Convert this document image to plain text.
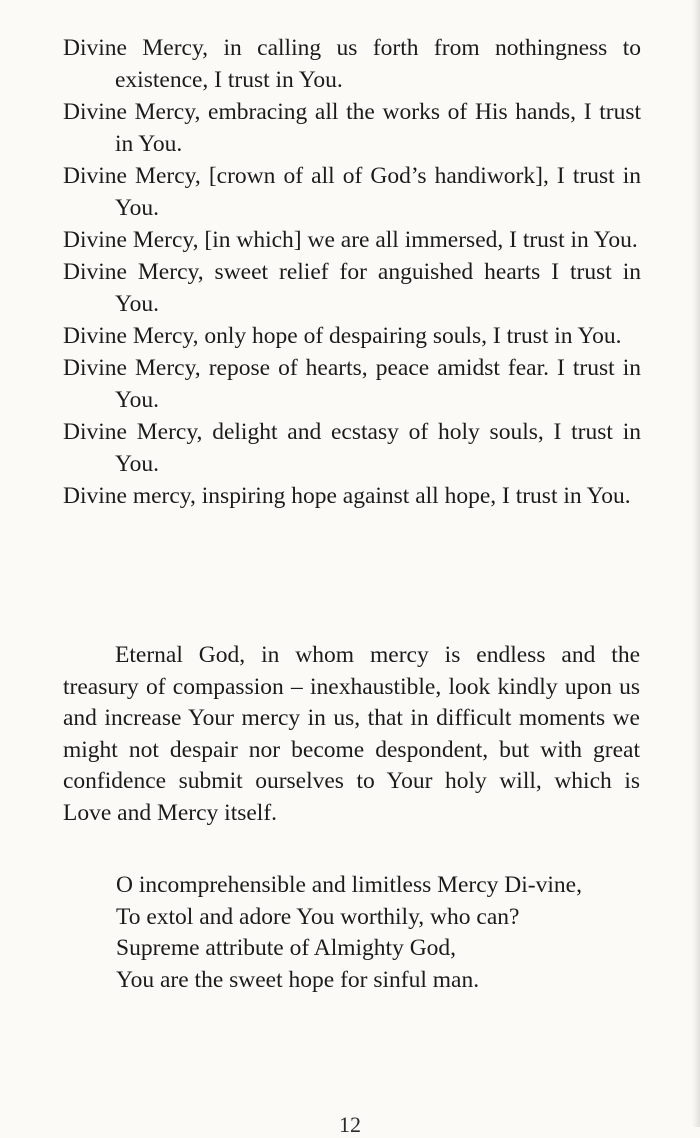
Divine Mercy, in calling us forth from nothingness to existence, I trust in You.

Divine Mercy, embracing all the works of His hands, I trust in You.

Divine Mercy, [crown of all of God’s handiwork], I trust in You.

Divine Mercy, [in which] we are all immersed, I trust in You.

Divine Mercy, sweet relief for anguished hearts I trust in You.

Divine Mercy, only hope of despairing souls, I trust in You.

Divine Mercy, repose of hearts, peace amidst fear. I trust in You.

Divine Mercy, delight and ecstasy of holy souls, I trust in You.

Divine mercy, inspiring hope against all hope, I trust in You.

Eternal God, in whom mercy is endless and the treasury of compassion – inexhaustible, look kindly upon us and increase Your mercy in us, that in difficult moments we might not despair nor become despondent, but with great confidence submit ourselves to Your holy will, which is Love and Mercy itself.

O incomprehensible and limitless Mercy Di-vine,

To extol and adore You worthily, who can?

Supreme attribute of Almighty God,

You are the sweet hope for sinful man.

12
